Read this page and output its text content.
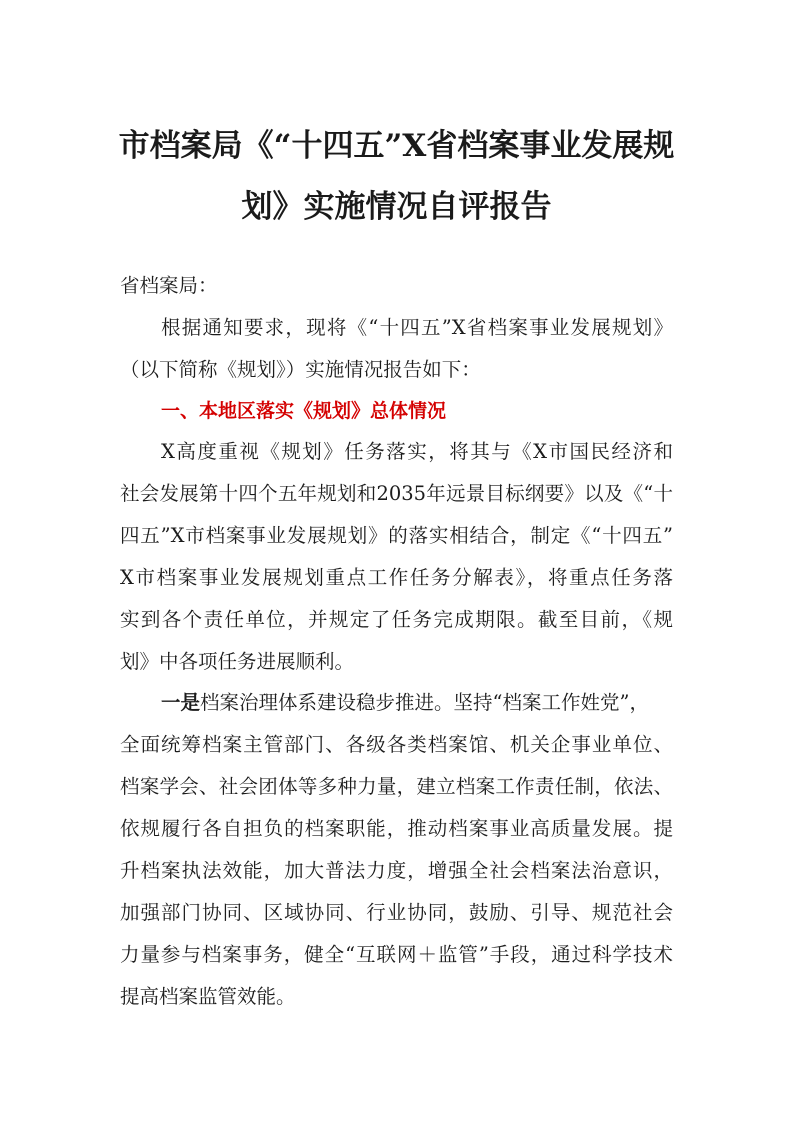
市档案局《“十四五”X省档案事业发展规
划》实施情况自评报告

省档案局：

根据通知要求，现将《“十四五”X省档案事业发展规划》

（以下简称《规划》）实施情况报告如下：

一、本地区落实《规划》总体情况

X高度重视《规划》任务落实，将其与《X市国民经济和

社会发展第十四个五年规划和2035年远景目标纲要》以及《“十

四五”X市档案事业发展规划》的落实相结合，制定《“十四五”

X市档案事业发展规划重点工作任务分解表》，将重点任务落

实到各个责任单位，并规定了任务完成期限。截至目前，《规

划》中各项任务进展顺利。

一是档案治理体系建设稳步推进。坚持“档案工作姓党”，

全面统筹档案主管部门、各级各类档案馆、机关企事业单位、

档案学会、社会团体等多种力量，建立档案工作责任制，依法、

依规履行各自担负的档案职能，推动档案事业高质量发展。提

升档案执法效能，加大普法力度，增强全社会档案法治意识，

加强部门协同、区域协同、行业协同，鼓励、引导、规范社会

力量参与档案事务，健全“互联网＋监管”手段，通过科学技术

提高档案监管效能。
